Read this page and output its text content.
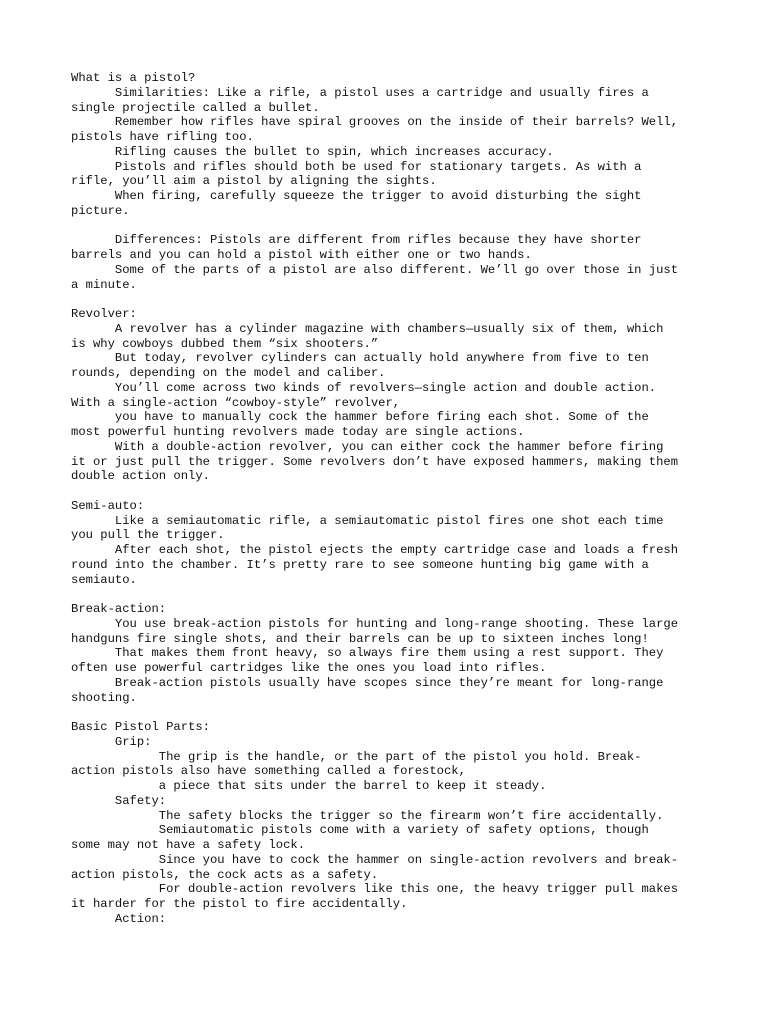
What is a pistol?
Similarities: Like a rifle, a pistol uses a cartridge and usually fires a
single projectile called a bullet.
Remember how rifles have spiral grooves on the inside of their barrels? Well,
pistols have rifling too.
Rifling causes the bullet to spin, which increases accuracy.
Pistols and rifles should both be used for stationary targets. As with a
rifle, you’ll aim a pistol by aligning the sights.
When firing, carefully squeeze the trigger to avoid disturbing the sight
picture.
Differences: Pistols are different from rifles because they have shorter
barrels and you can hold a pistol with either one or two hands.
Some of the parts of a pistol are also different. We’ll go over those in just
a minute.
Revolver:
A revolver has a cylinder magazine with chambers—usually six of them, which
is why cowboys dubbed them “six shooters.”
But today, revolver cylinders can actually hold anywhere from five to ten
rounds, depending on the model and caliber.
You’ll come across two kinds of revolvers—single action and double action.
With a single-action “cowboy-style” revolver,
you have to manually cock the hammer before firing each shot. Some of the
most powerful hunting revolvers made today are single actions.
With a double-action revolver, you can either cock the hammer before firing
it or just pull the trigger. Some revolvers don’t have exposed hammers, making them
double action only.
Semi-auto:
Like a semiautomatic rifle, a semiautomatic pistol fires one shot each time
you pull the trigger.
After each shot, the pistol ejects the empty cartridge case and loads a fresh
round into the chamber. It’s pretty rare to see someone hunting big game with a
semiauto.
Break-action:
You use break-action pistols for hunting and long-range shooting. These large
handguns fire single shots, and their barrels can be up to sixteen inches long!
That makes them front heavy, so always fire them using a rest support. They
often use powerful cartridges like the ones you load into rifles.
Break-action pistols usually have scopes since they’re meant for long-range
shooting.
Basic Pistol Parts:
Grip:
The grip is the handle, or the part of the pistol you hold. Break-
action pistols also have something called a forestock,
a piece that sits under the barrel to keep it steady.
Safety:
The safety blocks the trigger so the firearm won’t fire accidentally.
Semiautomatic pistols come with a variety of safety options, though
some may not have a safety lock.
Since you have to cock the hammer on single-action revolvers and break-
action pistols, the cock acts as a safety.
For double-action revolvers like this one, the heavy trigger pull makes
it harder for the pistol to fire accidentally.
Action:
